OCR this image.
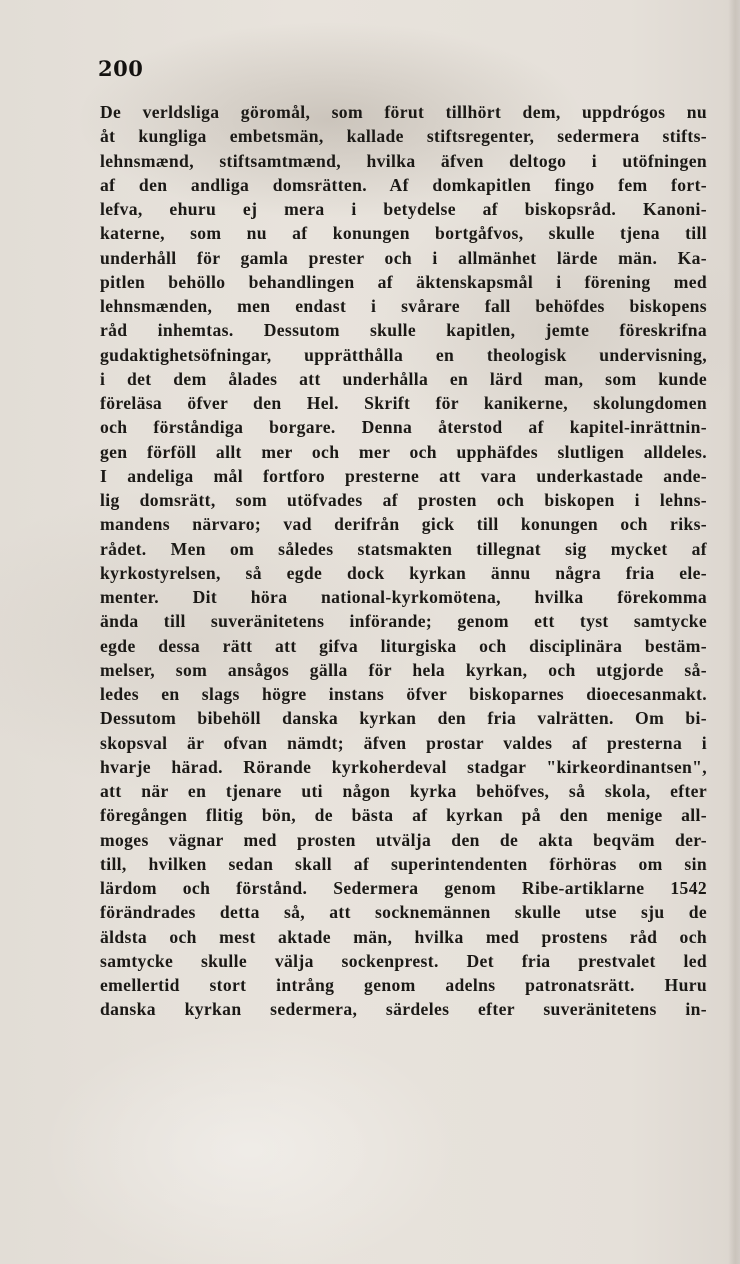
200
De verldsliga göromål, som förut tillhört dem, uppdrógos nu
åt kungliga embetsmän, kallade stiftsregenter, sedermera stifts-
lehnsmænd, stiftsamtmænd, hvilka äfven deltogo i utöfningen
af den andliga domsrätten. Af domkapitlen fingo fem fort-
lefva, ehuru ej mera i betydelse af biskopsråd. Kanoni-
katerne, som nu af konungen bortgåfvos, skulle tjena till
underhåll för gamla prester och i allmänhet lärde män. Ka-
pitlen behöllo behandlingen af äktenskapsmål i förening med
lehnsmænden, men endast i svårare fall behöfdes biskopens
råd inhemtas. Dessutom skulle kapitlen, jemte föreskrifna
gudaktighetsöfningar, upprätthålla en theologisk undervisning,
i det dem ålades att underhålla en lärd man, som kunde
föreläsa öfver den Hel. Skrift för kanikerne, skolungdomen
och förståndiga borgare. Denna återstod af kapitel-inrättnin-
gen förföll allt mer och mer och upphäfdes slutligen alldeles.
I andeliga mål fortforo presterne att vara underkastade ande-
lig domsrätt, som utöfvades af prosten och biskopen i lehns-
mandens närvaro; vad derifrån gick till konungen och riks-
rådet. Men om således statsmakten tillegnat sig mycket af
kyrkostyrelsen, så egde dock kyrkan ännu några fria ele-
menter. Dit höra national-kyrkomötena, hvilka förekomma
ända till suveränitetens införande; genom ett tyst samtycke
egde dessa rätt att gifva liturgiska och disciplinära bestäm-
melser, som ansågos gälla för hela kyrkan, och utgjorde så-
ledes en slags högre instans öfver biskoparnes dioecesanmakt.
Dessutom bibehöll danska kyrkan den fria valrätten. Om bi-
skopsval är ofvan nämdt; äfven prostar valdes af presterna i
hvarje härad. Rörande kyrkoherdeval stadgar "kirkeordinantsen",
att när en tjenare uti någon kyrka behöfves, så skola, efter
föregången flitig bön, de bästa af kyrkan på den menige all-
moges vägnar med prosten utvälja den de akta beqväm der-
till, hvilken sedan skall af superintendenten förhöras om sin
lärdom och förstånd. Sedermera genom Ribe-artiklarne 1542
förändrades detta så, att socknemännen skulle utse sju de
äldsta och mest aktade män, hvilka med prostens råd och
samtycke skulle välja sockenprest. Det fria prestvalet led
emellertid stort intrång genom adelns patronatsrätt. Huru
danska kyrkan sedermera, särdeles efter suveränitetens in-
